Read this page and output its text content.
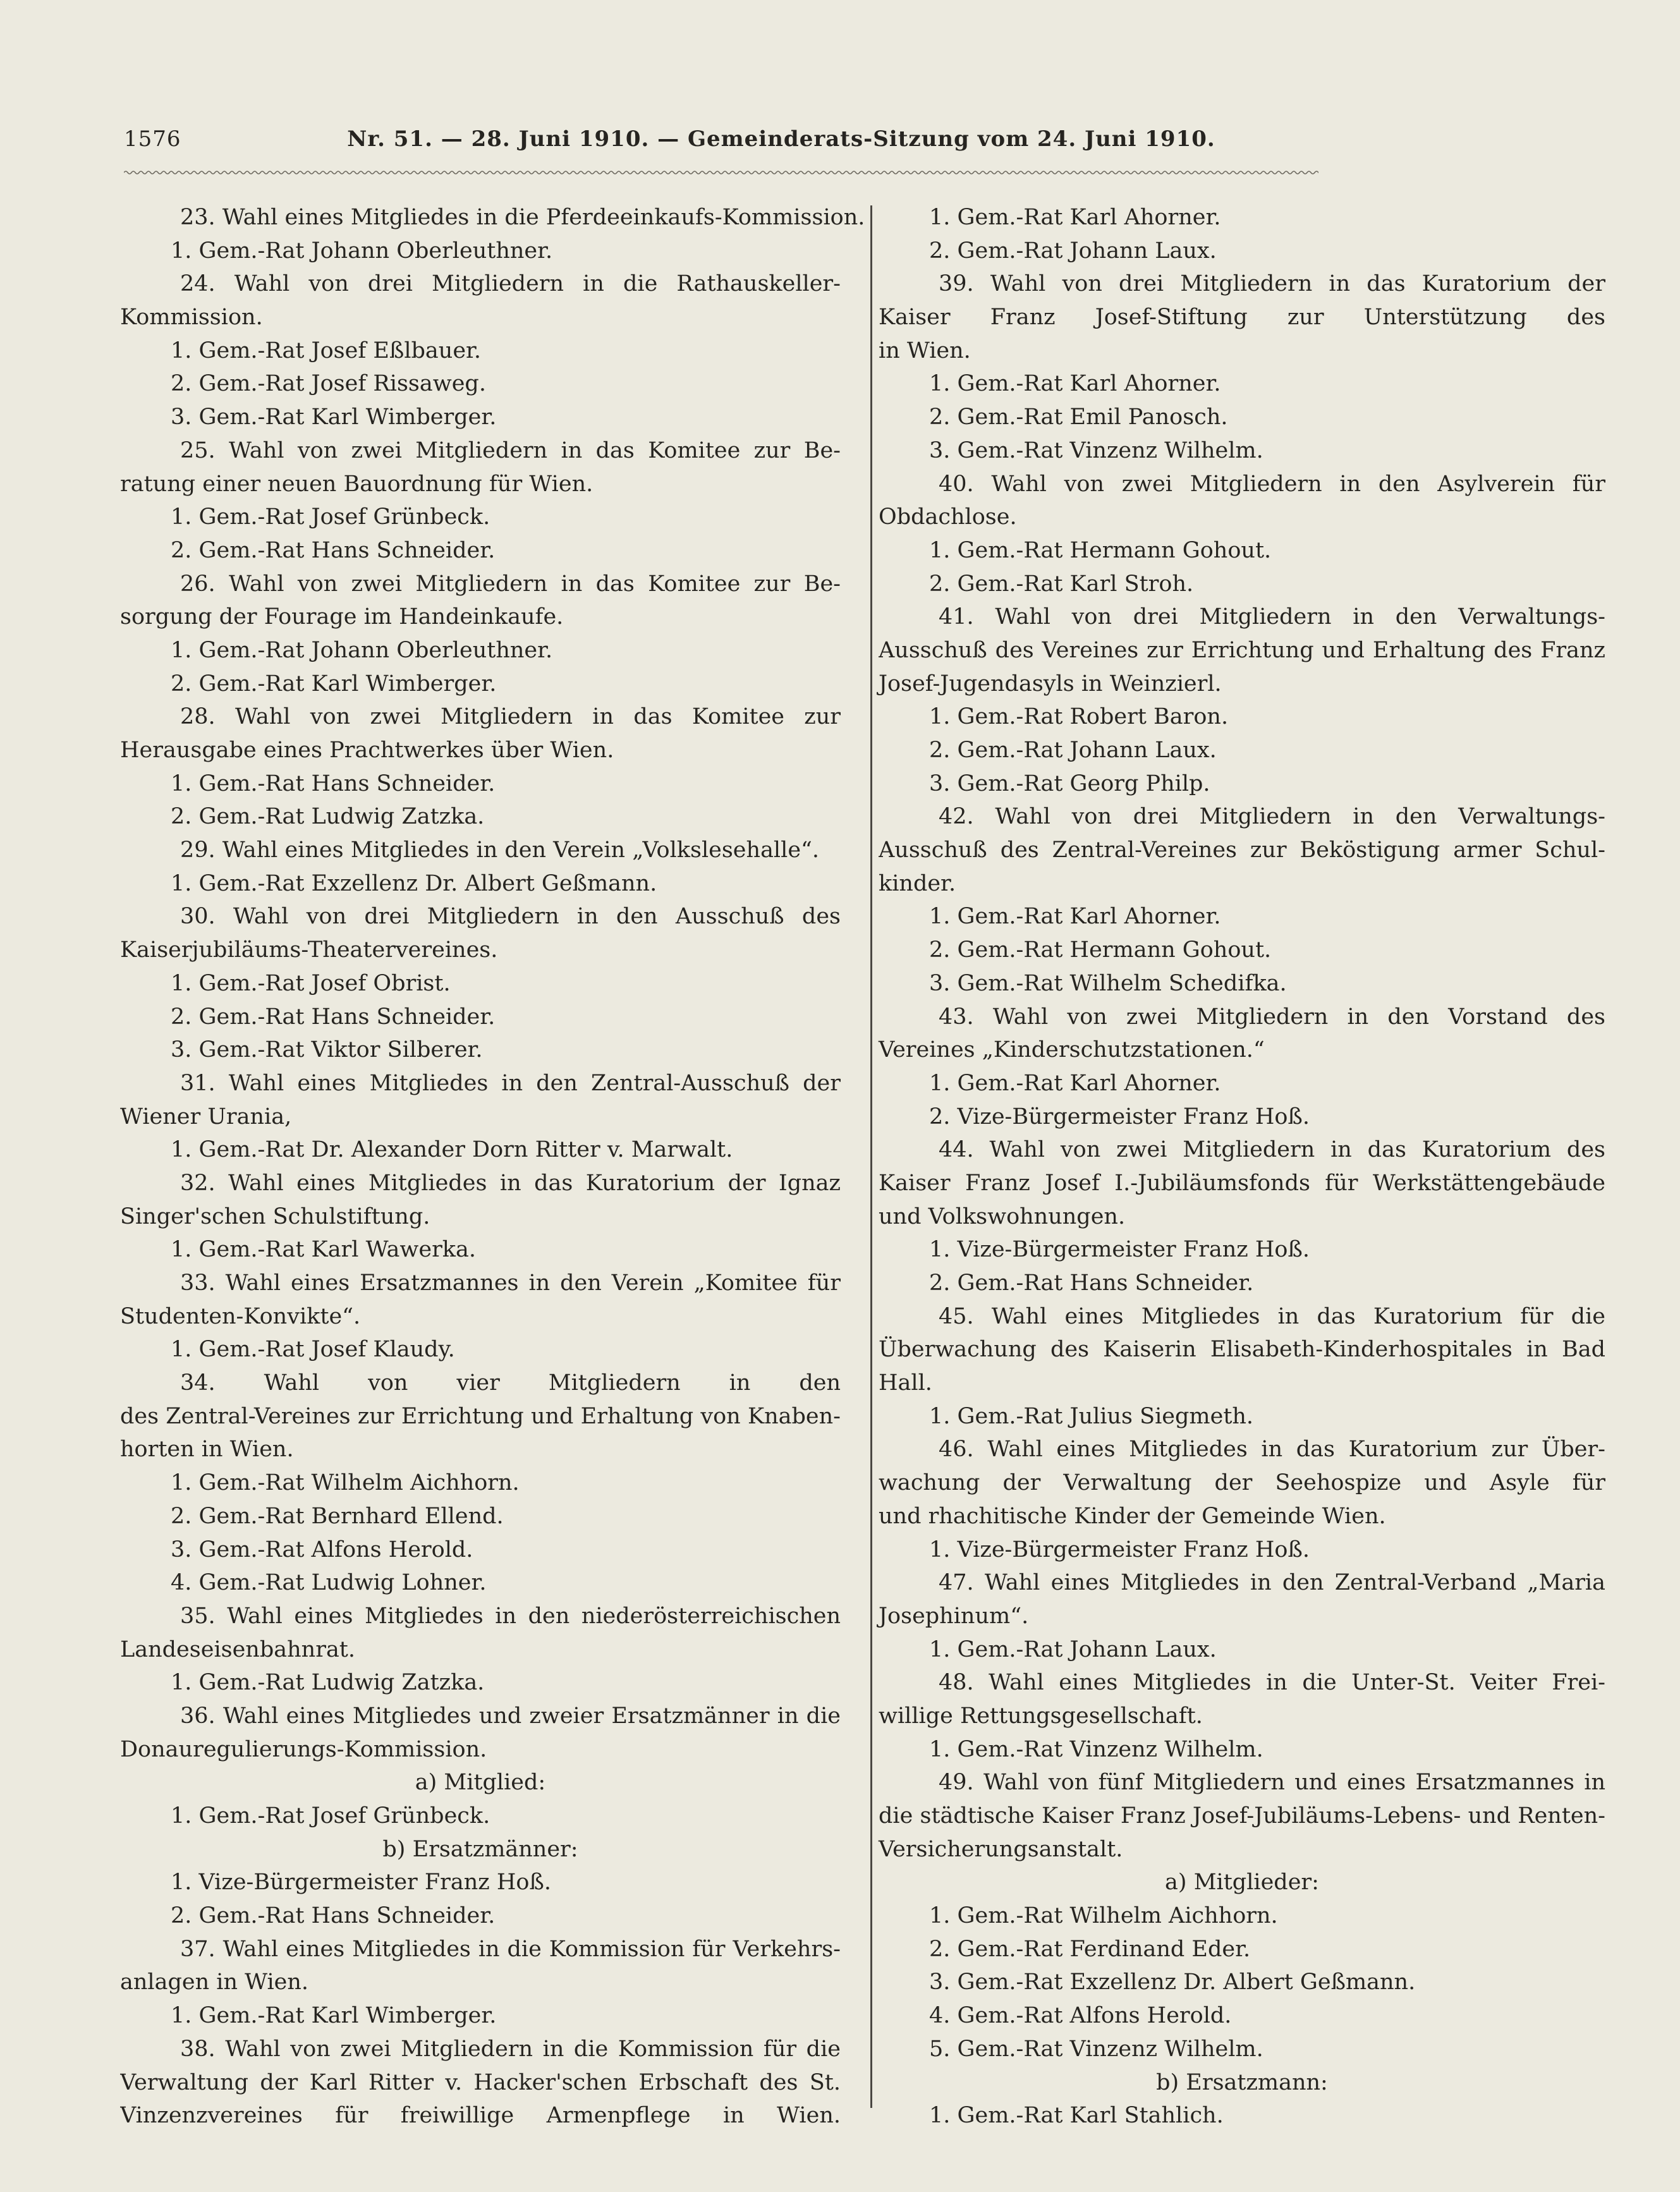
1576	Nr. 51. — 28. Juni 1910. — Gemeinderats-Sitzung vom 24. Juni 1910.
23. Wahl eines Mitgliedes in die Pferdeeinkaufs-Kommission.
1. Gem.-Rat Johann Oberleuthner.
24. Wahl von drei Mitgliedern in die Rathauskeller-
Kommission.
1. Gem.-Rat Josef Eßlbauer.
2. Gem.-Rat Josef Rissaweg.
3. Gem.-Rat Karl Wimberger.
25. Wahl von zwei Mitgliedern in das Komitee zur Be-
ratung einer neuen Bauordnung für Wien.
1. Gem.-Rat Josef Grünbeck.
2. Gem.-Rat Hans Schneider.
26. Wahl von zwei Mitgliedern in das Komitee zur Be-
sorgung der Fourage im Handeinkaufe.
1. Gem.-Rat Johann Oberleuthner.
2. Gem.-Rat Karl Wimberger.
28. Wahl von zwei Mitgliedern in das Komitee zur
Herausgabe eines Prachtwerkes über Wien.
1. Gem.-Rat Hans Schneider.
2. Gem.-Rat Ludwig Zatzka.
29. Wahl eines Mitgliedes in den Verein „Volkslesehalle“.
1. Gem.-Rat Exzellenz Dr. Albert Geßmann.
30. Wahl von drei Mitgliedern in den Ausschuß des
Kaiserjubiläums-Theatervereines.
1. Gem.-Rat Josef Obrist.
2. Gem.-Rat Hans Schneider.
3. Gem.-Rat Viktor Silberer.
31. Wahl eines Mitgliedes in den Zentral-Ausschuß der
Wiener Urania,
1. Gem.-Rat Dr. Alexander Dorn Ritter v. Marwalt.
32. Wahl eines Mitgliedes in das Kuratorium der Ignaz
Singer'schen Schulstiftung.
1. Gem.-Rat Karl Wawerka.
33. Wahl eines Ersatzmannes in den Verein „Komitee für
Studenten-Konvikte“.
1. Gem.-Rat Josef Klaudy.
34. Wahl von vier Mitgliedern in den
des Zentral-Vereines zur Errichtung und Erhaltung von Knaben-
horten in Wien.
1. Gem.-Rat Wilhelm Aichhorn.
2. Gem.-Rat Bernhard Ellend.
3. Gem.-Rat Alfons Herold.
4. Gem.-Rat Ludwig Lohner.
35. Wahl eines Mitgliedes in den niederösterreichischen
Landeseisenbahnrat.
1. Gem.-Rat Ludwig Zatzka.
36. Wahl eines Mitgliedes und zweier Ersatzmänner in die
Donauregulierungs-Kommission.
a) Mitglied:
1. Gem.-Rat Josef Grünbeck.
b) Ersatzmänner:
1. Vize-Bürgermeister Franz Hoß.
2. Gem.-Rat Hans Schneider.
37. Wahl eines Mitgliedes in die Kommission für Verkehrs-
anlagen in Wien.
1. Gem.-Rat Karl Wimberger.
38. Wahl von zwei Mitgliedern in die Kommission für die
Verwaltung der Karl Ritter v. Hacker'schen Erbschaft des St.
Vinzenzvereines für freiwillige Armenpflege in Wien.
1. Gem.-Rat Karl Ahorner.
2. Gem.-Rat Johann Laux.
39. Wahl von drei Mitgliedern in das Kuratorium der
Kaiser Franz Josef-Stiftung zur Unterstützung des
in Wien.
1. Gem.-Rat Karl Ahorner.
2. Gem.-Rat Emil Panosch.
3. Gem.-Rat Vinzenz Wilhelm.
40. Wahl von zwei Mitgliedern in den Asylverein für
Obdachlose.
1. Gem.-Rat Hermann Gohout.
2. Gem.-Rat Karl Stroh.
41. Wahl von drei Mitgliedern in den Verwaltungs-
Ausschuß des Vereines zur Errichtung und Erhaltung des Franz
Josef-Jugendasyls in Weinzierl.
1. Gem.-Rat Robert Baron.
2. Gem.-Rat Johann Laux.
3. Gem.-Rat Georg Philp.
42. Wahl von drei Mitgliedern in den Verwaltungs-
Ausschuß des Zentral-Vereines zur Beköstigung armer Schul-
kinder.
1. Gem.-Rat Karl Ahorner.
2. Gem.-Rat Hermann Gohout.
3. Gem.-Rat Wilhelm Schedifka.
43. Wahl von zwei Mitgliedern in den Vorstand des
Vereines „Kinderschutzstationen.“
1. Gem.-Rat Karl Ahorner.
2. Vize-Bürgermeister Franz Hoß.
44. Wahl von zwei Mitgliedern in das Kuratorium des
Kaiser Franz Josef I.-Jubiläumsfonds für Werkstättengebäude
und Volkswohnungen.
1. Vize-Bürgermeister Franz Hoß.
2. Gem.-Rat Hans Schneider.
45. Wahl eines Mitgliedes in das Kuratorium für die
Überwachung des Kaiserin Elisabeth-Kinderhospitales in Bad
Hall.
1. Gem.-Rat Julius Siegmeth.
46. Wahl eines Mitgliedes in das Kuratorium zur Über-
wachung der Verwaltung der Seehospize und Asyle für
und rhachitische Kinder der Gemeinde Wien.
1. Vize-Bürgermeister Franz Hoß.
47. Wahl eines Mitgliedes in den Zentral-Verband „Maria
Josephinum“.
1. Gem.-Rat Johann Laux.
48. Wahl eines Mitgliedes in die Unter-St. Veiter Frei-
willige Rettungsgesellschaft.
1. Gem.-Rat Vinzenz Wilhelm.
49. Wahl von fünf Mitgliedern und eines Ersatzmannes in
die städtische Kaiser Franz Josef-Jubiläums-Lebens- und Renten-
Versicherungsanstalt.
a) Mitglieder:
1. Gem.-Rat Wilhelm Aichhorn.
2. Gem.-Rat Ferdinand Eder.
3. Gem.-Rat Exzellenz Dr. Albert Geßmann.
4. Gem.-Rat Alfons Herold.
5. Gem.-Rat Vinzenz Wilhelm.
b) Ersatzmann:
1. Gem.-Rat Karl Stahlich.
